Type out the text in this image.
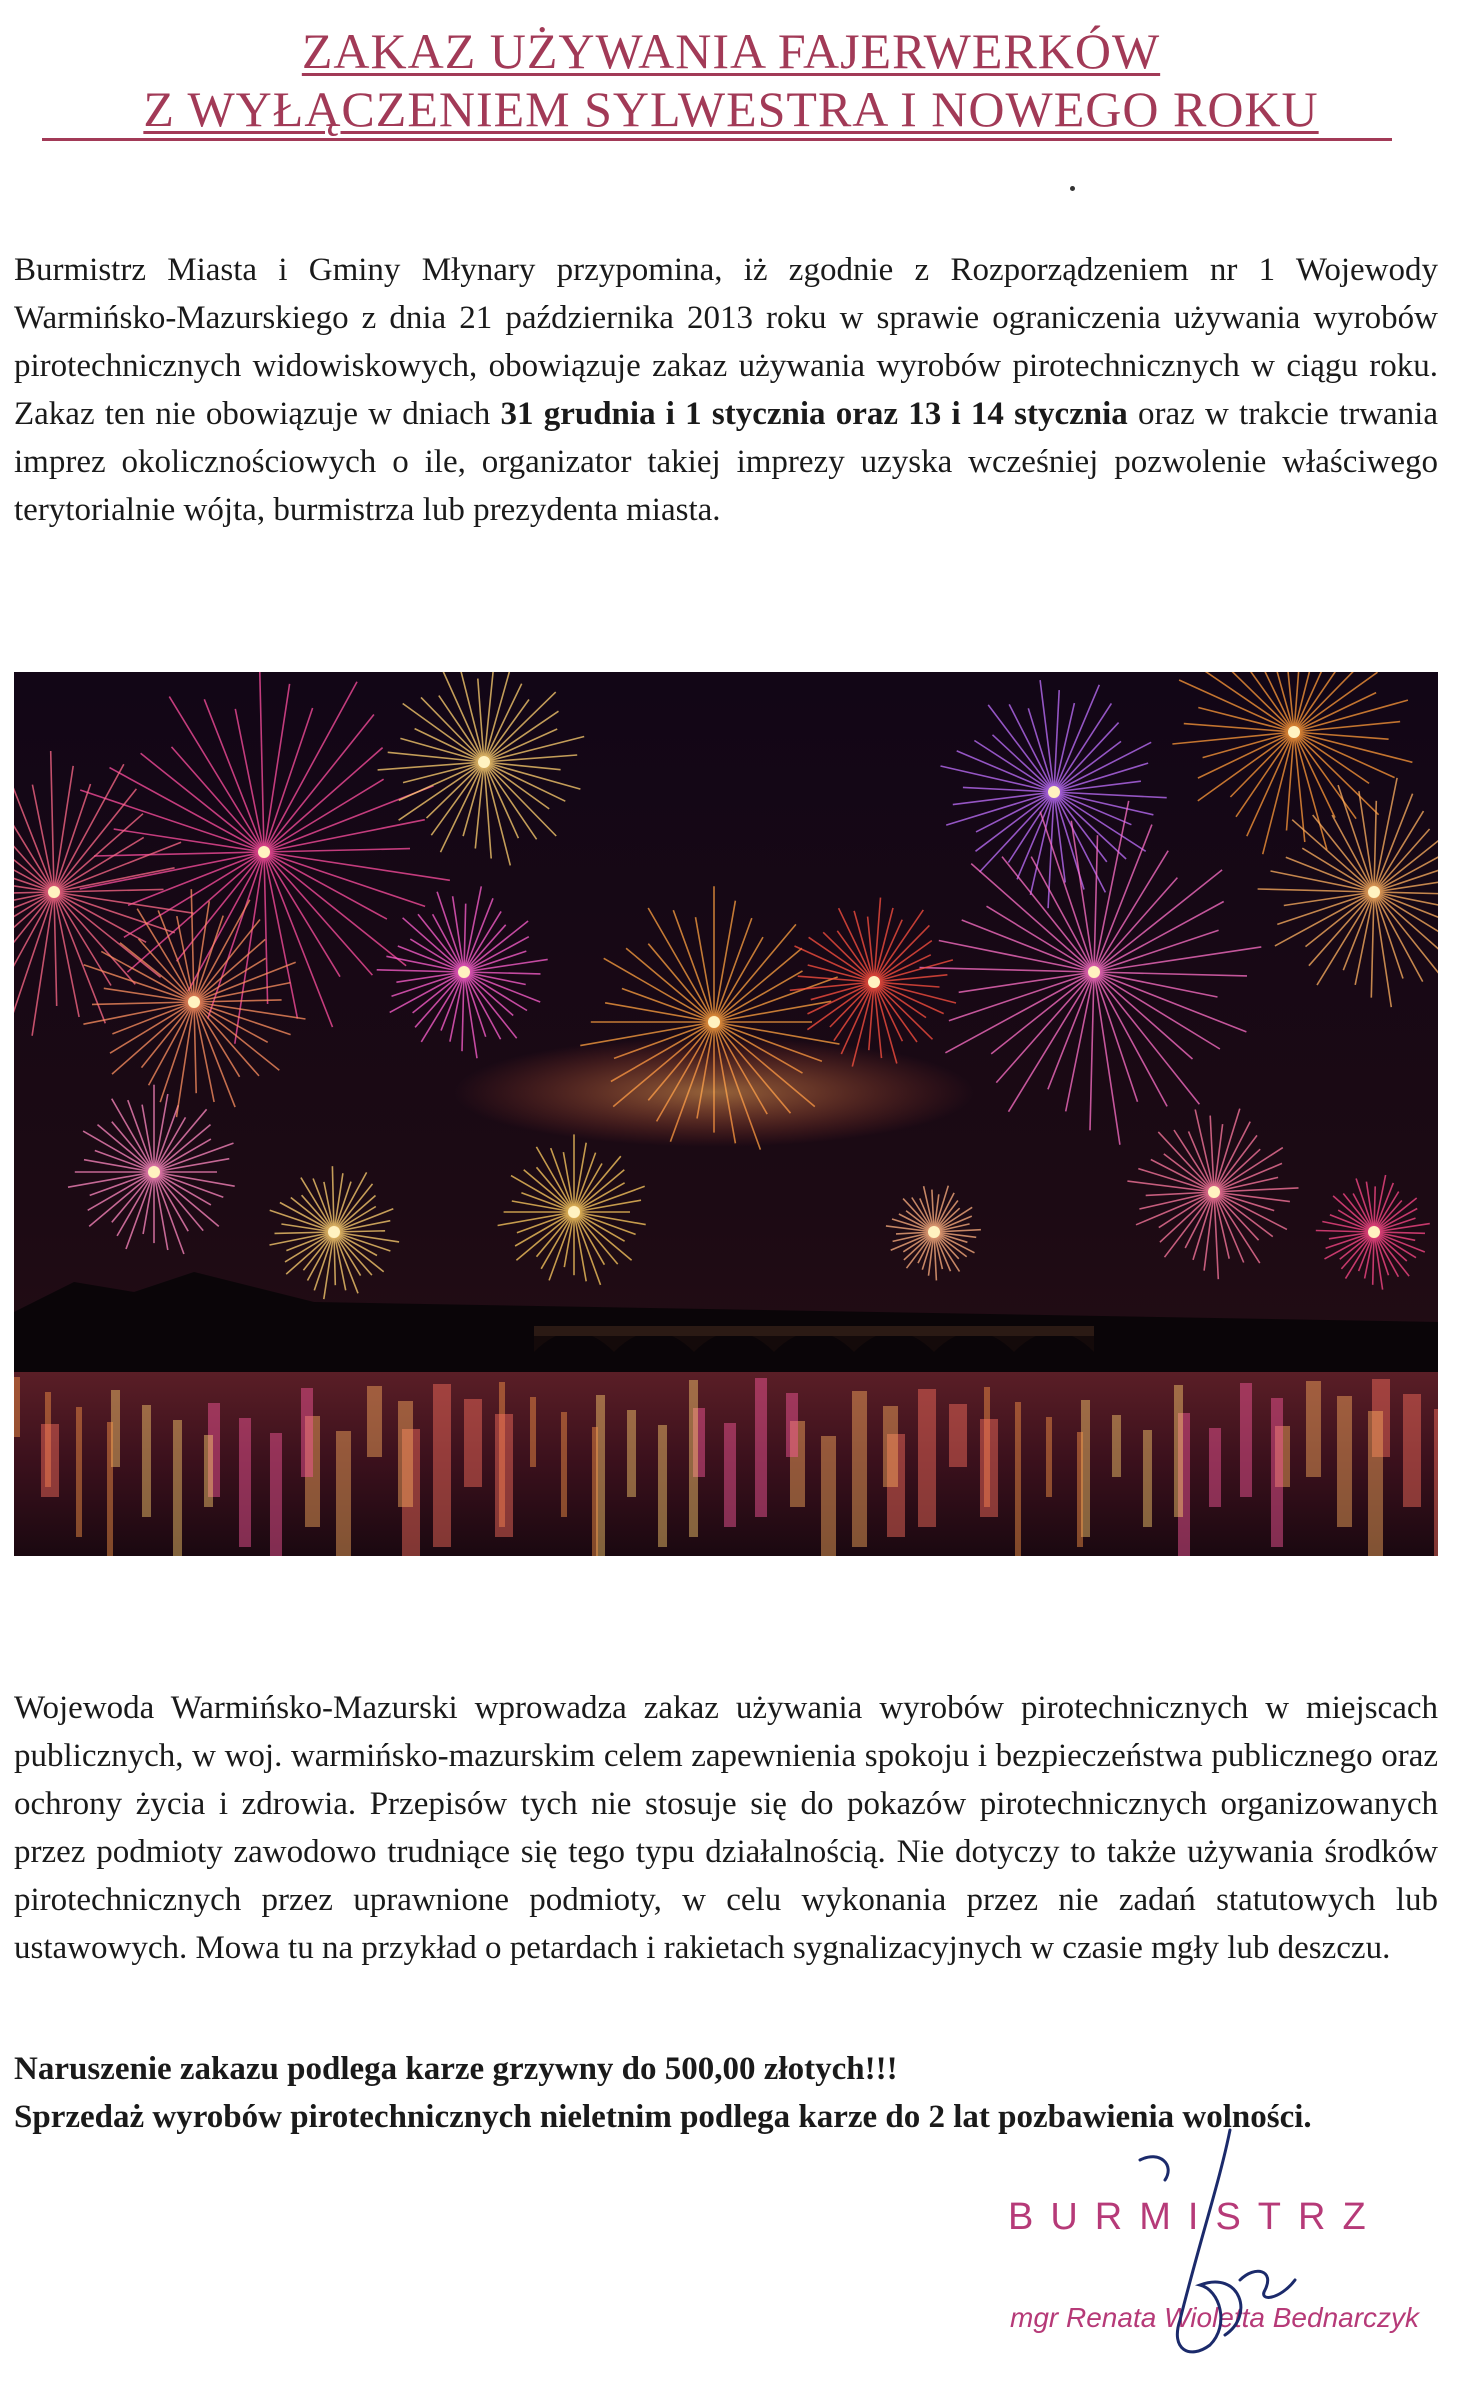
ZAKAZ UŻYWANIA FAJERWERKÓW
Z WYŁĄCZENIEM SYLWESTRA I NOWEGO ROKU

Burmistrz Miasta i Gminy Młynary przypomina, iż zgodnie z Rozporządzeniem nr 1 Wojewody Warmińsko-Mazurskiego z dnia 21 października 2013 roku w sprawie ograniczenia używania wyrobów pirotechnicznych widowiskowych, obowiązuje zakaz używania wyrobów pirotechnicznych w ciągu roku. Zakaz ten nie obowiązuje w dniach 31 grudnia i 1 stycznia oraz 13 i 14 stycznia oraz w trakcie trwania imprez okolicznościowych o ile, organizator takiej imprezy uzyska wcześniej pozwolenie właściwego terytorialnie wójta, burmistrza lub prezydenta miasta.

Wojewoda Warmińsko-Mazurski wprowadza zakaz używania wyrobów pirotechnicznych w miejscach publicznych, w woj. warmińsko-mazurskim celem zapewnienia spokoju i bezpieczeństwa publicznego oraz ochrony życia i zdrowia. Przepisów tych nie stosuje się do pokazów pirotechnicznych organizowanych przez podmioty zawodowo trudniące się tego typu działalnością. Nie dotyczy to także używania środków pirotechnicznych przez uprawnione podmioty, w celu wykonania przez nie zadań statutowych lub ustawowych. Mowa tu na przykład o petardach i rakietach sygnalizacyjnych w czasie mgły lub deszczu.

Naruszenie zakazu podlega karze grzywny do 500,00 złotych!!!

Sprzedaż wyrobów pirotechnicznych nieletnim podlega karze do 2 lat pozbawienia wolności.

BURMISTRZ
mgr Renata Wioletta Bednarczyk
